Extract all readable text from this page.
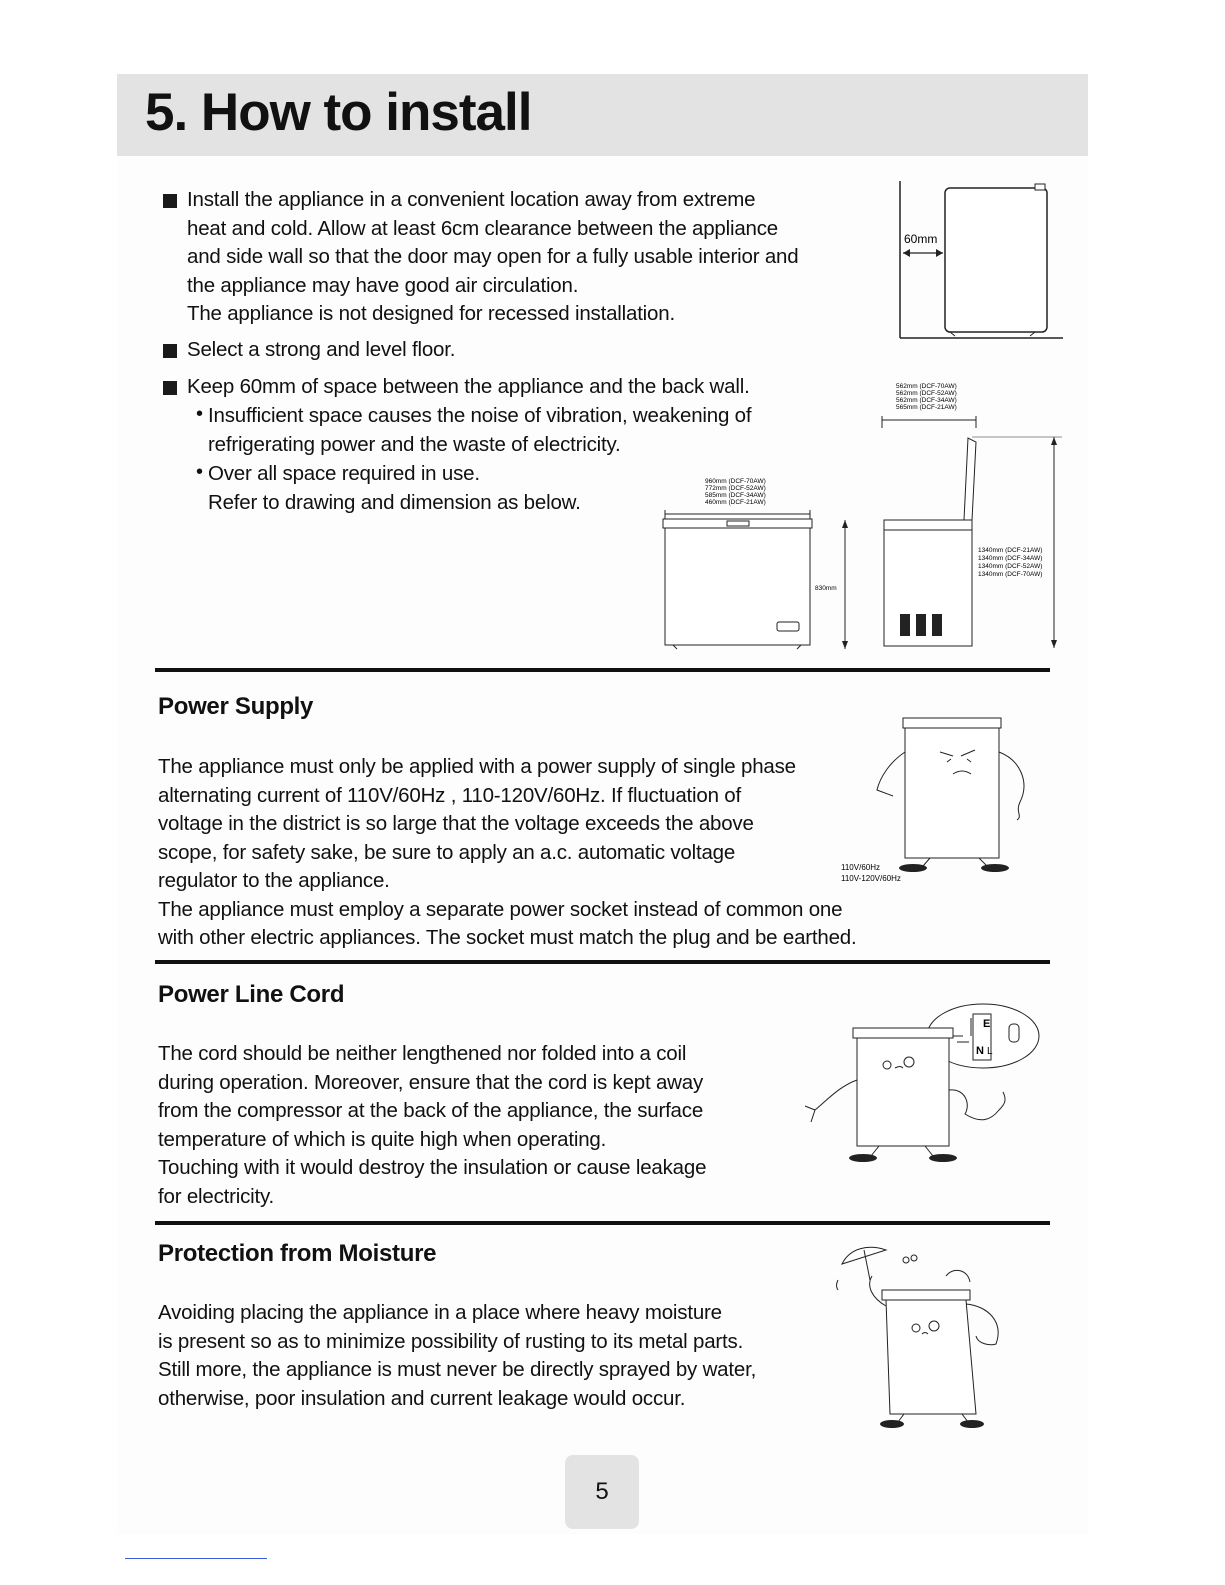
5. How to install
Install the appliance in a convenient location away from extreme
heat and cold. Allow at least 6cm clearance between the appliance
and side wall so that the door may open for a fully usable interior and
the appliance may have good air circulation.
The appliance is not designed for recessed installation.
Select a strong and level floor.
Keep 60mm of space between the appliance and the back wall.
• Insufficient space causes the noise of vibration, weakening of
refrigerating power and the waste of electricity.
• Over all space required in use.
Refer to drawing and dimension as below.
60mm
960mm (DCF-70AW)
772mm (DCF-52AW)
585mm (DCF-34AW)
460mm (DCF-21AW)
830mm
562mm (DCF-70AW)
562mm (DCF-52AW)
562mm (DCF-34AW)
565mm (DCF-21AW)
1340mm (DCF-21AW)
1340mm (DCF-34AW)
1340mm (DCF-52AW)
1340mm (DCF-70AW)
Power Supply
The appliance must only be applied with a power supply of single phase
alternating current of 110V/60Hz , 110-120V/60Hz. If fluctuation of
voltage in the district is so large that the voltage exceeds the above
scope, for safety sake, be sure to apply an a.c. automatic voltage
regulator to the appliance.
The appliance must employ a separate power socket instead of common one
with other electric appliances. The socket must match the plug and be earthed.
110V/60Hz
110V-120V/60Hz
Power Line Cord
The cord should be neither lengthened nor folded into a coil
during operation. Moreover, ensure that the cord is kept away
from the compressor at the back of the appliance, the surface
temperature of which is quite high when operating.
Touching with it would destroy the insulation or cause leakage
for electricity.
E
N L
Protection from Moisture
Avoiding placing the appliance in a place where heavy moisture
is present so as to minimize possibility of rusting to its metal parts.
Still more, the appliance is must never be directly sprayed by water,
otherwise, poor insulation and current leakage would occur.
5
